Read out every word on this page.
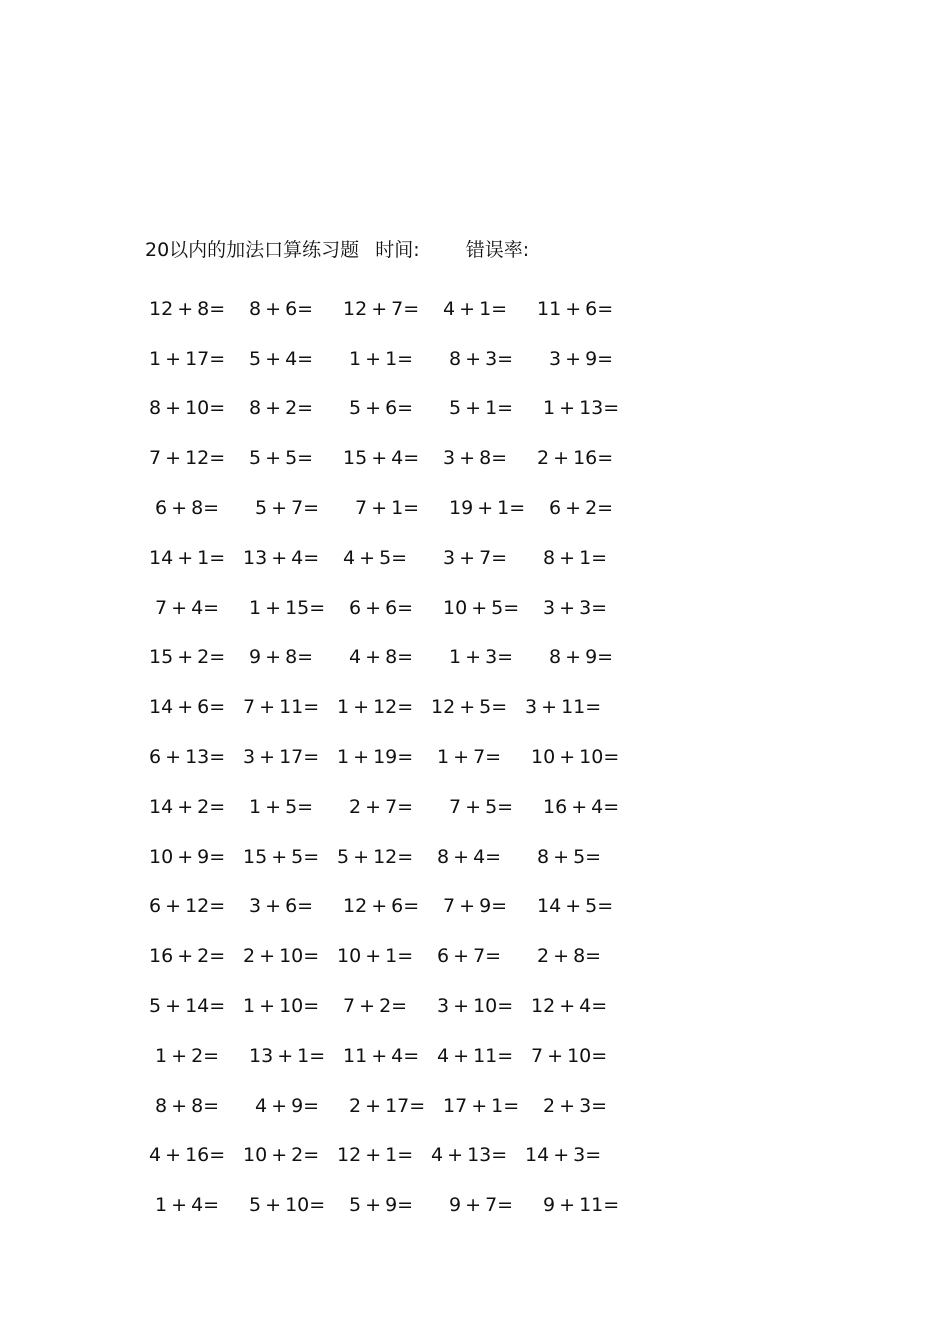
20以内的加法口算练习题 时间: 错误率:
12 + 8=	8 + 6=	12 + 7=	4 + 1=	11 + 6=
1 + 17=	5 + 4=	1 + 1=	8 + 3=	3 + 9=
8 + 10=	8 + 2=	5 + 6=	5 + 1=	1 + 13=
7 + 12=	5 + 5=	15 + 4=	3 + 8=	2 + 16=
6 + 8=	5 + 7=	7 + 1=	19 + 1=	6 + 2=
14 + 1= 13 + 4=	4 + 5=	3 + 7=	8 + 1=
7 + 4=	1 + 15=	6 + 6=	10 + 5=	3 + 3=
15 + 2=	9 + 8=	4 + 8=	1 + 3=	8 + 9=
14 + 6= 7 + 11= 1 + 12= 12 + 5= 3 + 11=
6 + 13= 3 + 17= 1 + 19=	1 + 7=	10 + 10=
14 + 2=	1 + 5=	2 + 7=	7 + 5=	16 + 4=
10 + 9= 15 + 5= 5 + 12=	8 + 4=	8 + 5=
6 + 12=	3 + 6=	12 + 6=	7 + 9=	14 + 5=
16 + 2= 2 + 10= 10 + 1=	6 + 7=	2 + 8=
5 + 14= 1 + 10=	7 + 2=	3 + 10= 12 + 4=
1 + 2=	13 + 1= 11 + 4= 4 + 11= 7 + 10=
8 + 8=	4 + 9=	2 + 17= 17 + 1=	2 + 3=
4 + 16= 10 + 2= 12 + 1= 4 + 13= 14 + 3=
1 + 4=	5 + 10=	5 + 9=	9 + 7=	9 + 11=
